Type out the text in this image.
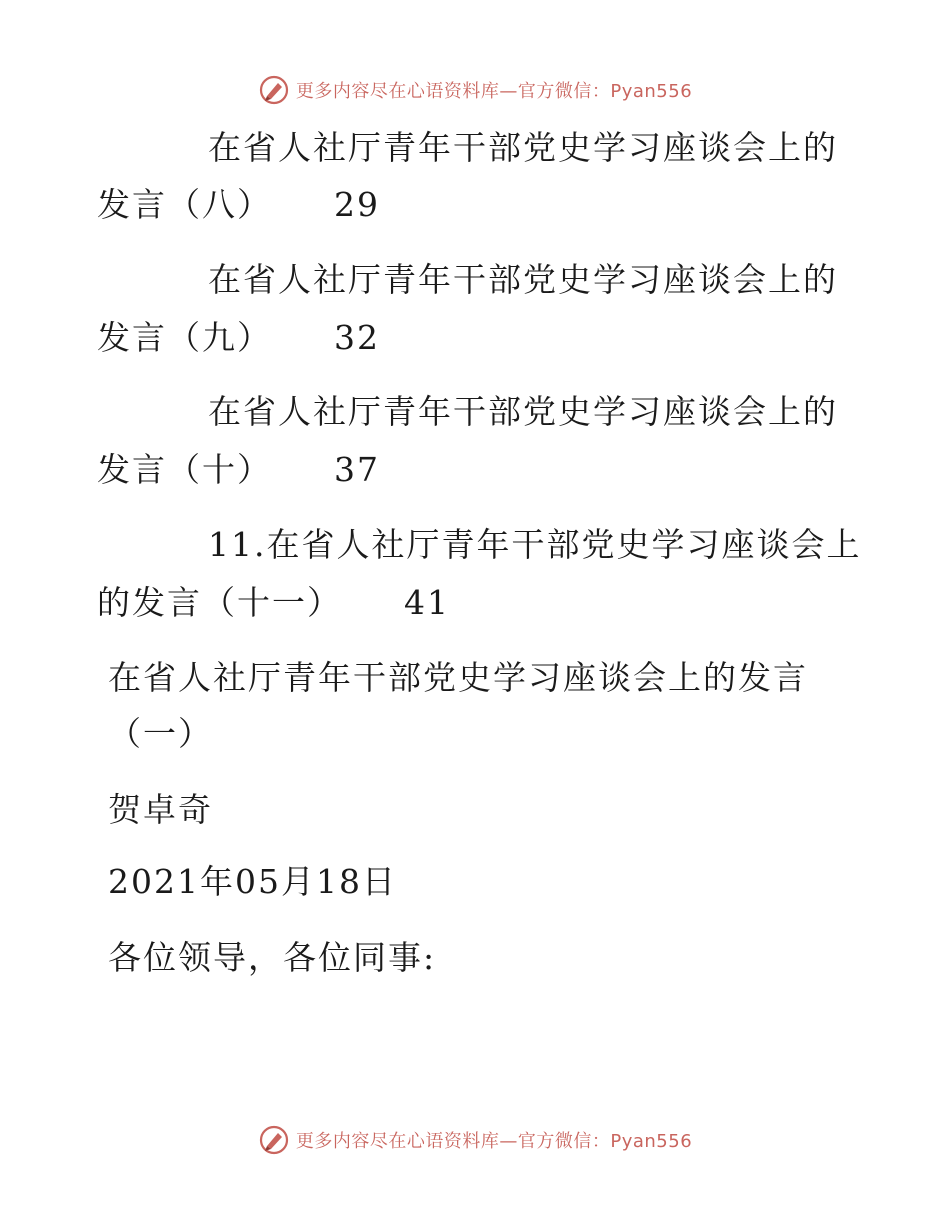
更多内容尽在心语资料库—官方微信：Pyan556
在省人社厅青年干部党史学习座谈会上的
发言（八） 29
在省人社厅青年干部党史学习座谈会上的
发言（九） 32
在省人社厅青年干部党史学习座谈会上的
发言（十） 37
11.在省人社厅青年干部党史学习座谈会上
的发言（十一） 41
在省人社厅青年干部党史学习座谈会上的发言
（一）
贺卓奇
2021年05月18日
各位领导，各位同事:
更多内容尽在心语资料库—官方微信：Pyan556
